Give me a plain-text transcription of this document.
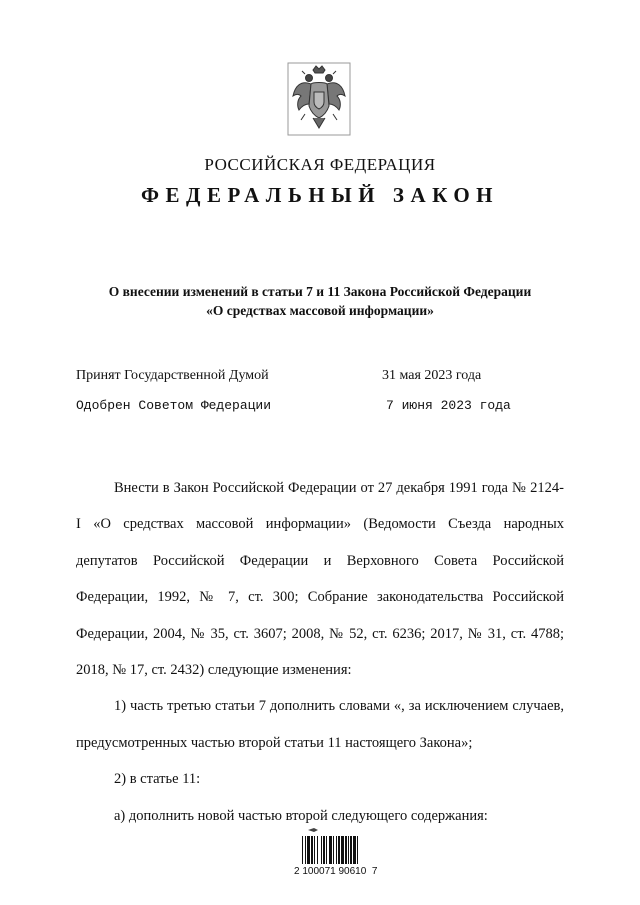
РОССИЙСКАЯ ФЕДЕРАЦИЯ
ФЕДЕРАЛЬНЫЙ ЗАКОН
О внесении изменений в статьи 7 и 11 Закона Российской Федерации
«О средствах массовой информации»
Принят Государственной Думой	31 мая 2023 года
Одобрен Советом Федерации	7 июня 2023 года

Внести в Закон Российской Федерации от 27 декабря 1991 года № 2124-I «О средствах массовой информации» (Ведомости Съезда народных депутатов Российской Федерации и Верховного Совета Российской Федерации, 1992, № 7, ст. 300; Собрание законодательства Российской Федерации, 2004, № 35, ст. 3607; 2008, № 52, ст. 6236; 2017, № 31, ст. 4788; 2018, № 17, ст. 2432) следующие изменения:

1) часть третью статьи 7 дополнить словами «, за исключением случаев, предусмотренных частью второй статьи 11 настоящего Закона»;

2) в статье 11:

а) дополнить новой частью второй следующего содержания:

2 100071 90610  7
